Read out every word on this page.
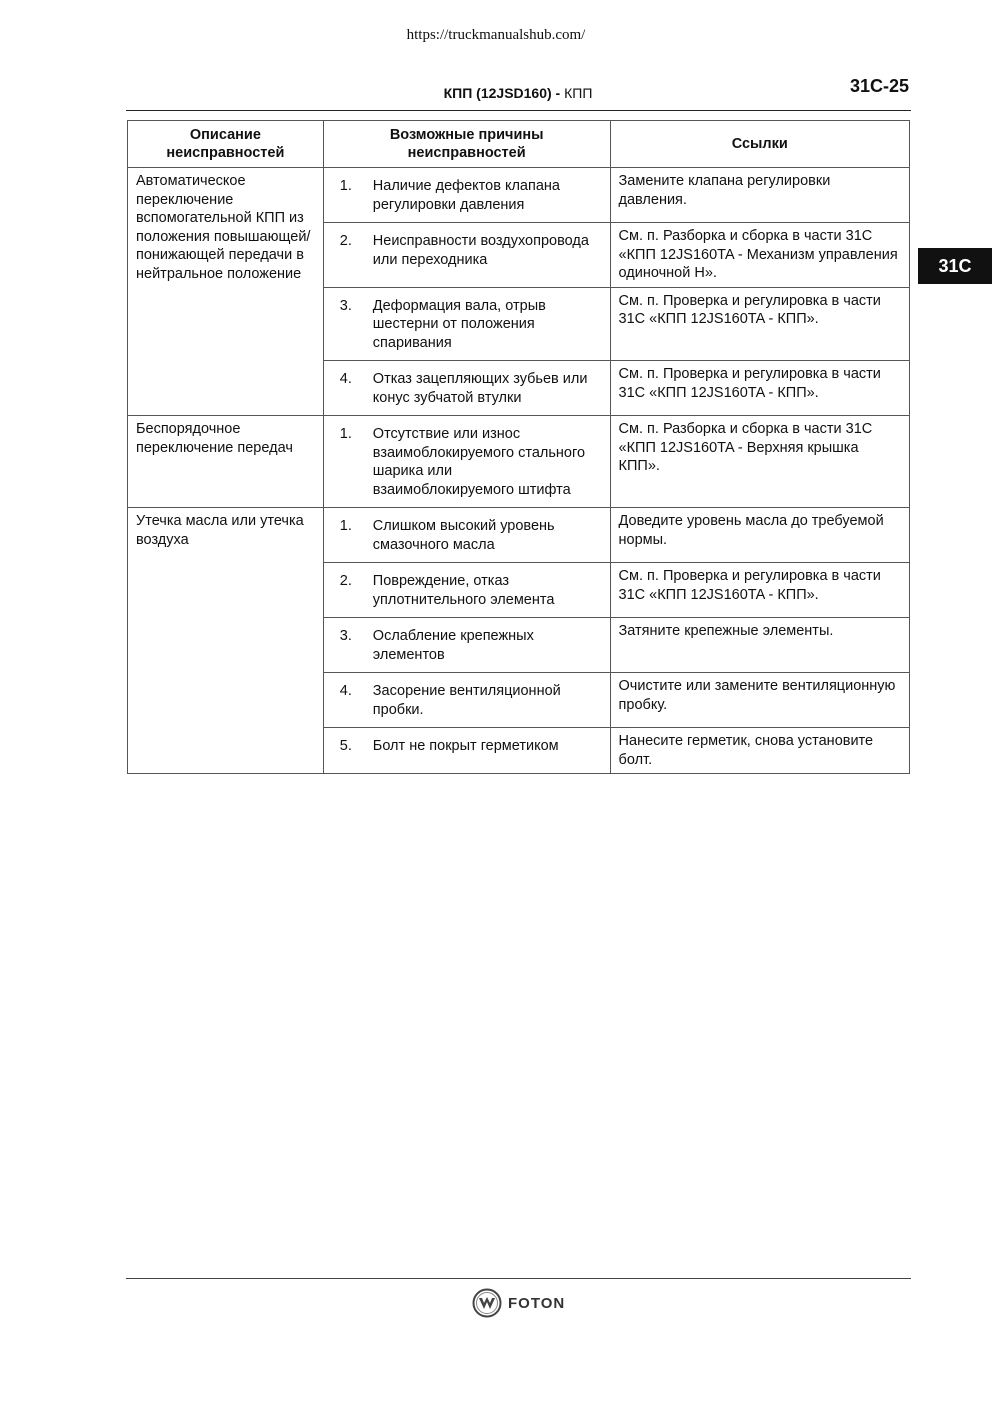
https://truckmanualshub.com/
КПП (12JSD160) - КПП	31C-25
31C
Описание неисправностей	Возможные причины неисправностей	Ссылки
Автоматическое переключение вспомогательной КПП из положения повышающей/понижающей передачи в нейтральное положение	1. Наличие дефектов клапана регулировки давления	Замените клапана регулировки давления.

	2. Неисправности воздухопровода или переходника	См. п. Разборка и сборка в части 31C «КПП 12JS160TA - Механизм управления одиночной Н».

	3. Деформация вала, отрыв шестерни от положения спаривания	См. п. Проверка и регулировка в части 31C «КПП 12JS160TA - КПП».

	4. Отказ зацепляющих зубьев или конус зубчатой втулки	См. п. Проверка и регулировка в части 31C «КПП 12JS160TA - КПП».
Беспорядочное переключение передач	1. Отсутствие или износ взаимоблокируемого стального шарика или взаимоблокируемого штифта	См. п. Разборка и сборка в части 31C «КПП 12JS160TA - Верхняя крышка КПП».
Утечка масла или утечка воздуха	1. Слишком высокий уровень смазочного масла	Доведите уровень масла до требуемой нормы.

	2. Повреждение, отказ уплотнительного элемента	См. п. Проверка и регулировка в части 31C «КПП 12JS160TA - КПП».

	3. Ослабление крепежных элементов	Затяните крепежные элементы.

	4. Засорение вентиляционной пробки.	Очистите или замените вентиляционную пробку.

	5. Болт не покрыт герметиком	Нанесите герметик, снова установите болт.
FOTON
